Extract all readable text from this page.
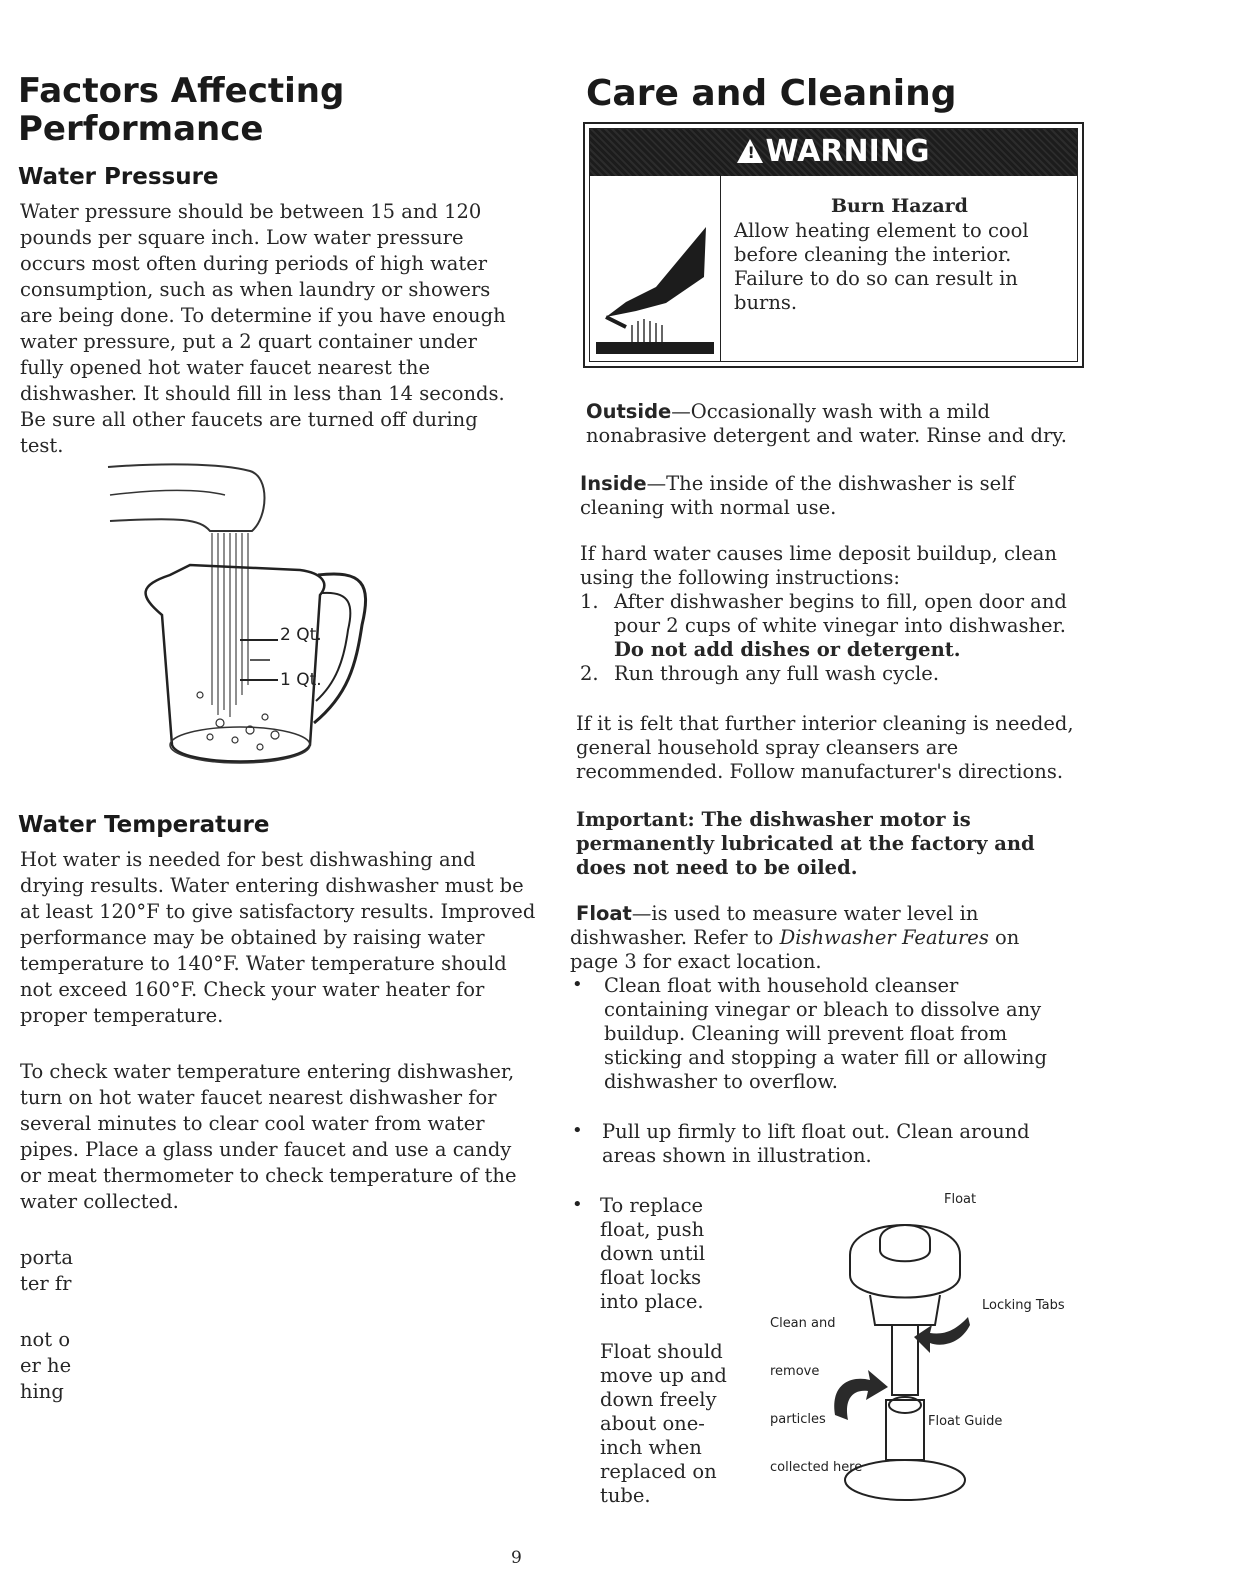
Factors Affecting
Performance
Water Pressure
Water pressure should be between 15 and 120
pounds per square inch. Low water pressure
occurs most often during periods of high water
consumption, such as when laundry or showers
are being done. To determine if you have enough
water pressure, put a 2 quart container under
fully opened hot water faucet nearest the
dishwasher. It should fill in less than 14 seconds.
Be sure all other faucets are turned off during
test.
2 Qt.
1 Qt.
Water Temperature
Hot water is needed for best dishwashing and
drying results. Water entering dishwasher must be
at least 120°F to give satisfactory results. Improved
performance may be obtained by raising water
temperature to 140°F. Water temperature should
not exceed 160°F. Check your water heater for
proper temperature.
To check water temperature entering dishwasher,
turn on hot water faucet nearest dishwasher for
several minutes to clear cool water from water
pipes. Place a glass under faucet and use a candy
or meat thermometer to check temperature of the
water collected.
porta
ter fr
not o
er he
hing
Care and Cleaning
!WARNING
Burn Hazard
Allow heating element to cool
before cleaning the interior.
Failure to do so can result in
burns.
Outside—Occasionally wash with a mild
nonabrasive detergent and water. Rinse and dry.
Inside—The inside of the dishwasher is self
cleaning with normal use.
If hard water causes lime deposit buildup, clean
using the following instructions:
1. After dishwasher begins to fill, open door and
pour 2 cups of white vinegar into dishwasher.
Do not add dishes or detergent.
2. Run through any full wash cycle.
If it is felt that further interior cleaning is needed,
general household spray cleansers are
recommended. Follow manufacturer's directions.
Important: The dishwasher motor is
permanently lubricated at the factory and
does not need to be oiled.
Float—is used to measure water level in
dishwasher. Refer to Dishwasher Features on
page 3 for exact location.
• Clean float with household cleanser
containing vinegar or bleach to dissolve any
buildup. Cleaning will prevent float from
sticking and stopping a water fill or allowing
dishwasher to overflow.
• Pull up firmly to lift float out. Clean around
areas shown in illustration.
• To replace
float, push
down until
float locks
into place.
Float should
move up and
down freely
about one-
inch when
replaced on
tube.
Float
Locking Tabs

Clean and

remove

particles

collected here

Float Guide
9
